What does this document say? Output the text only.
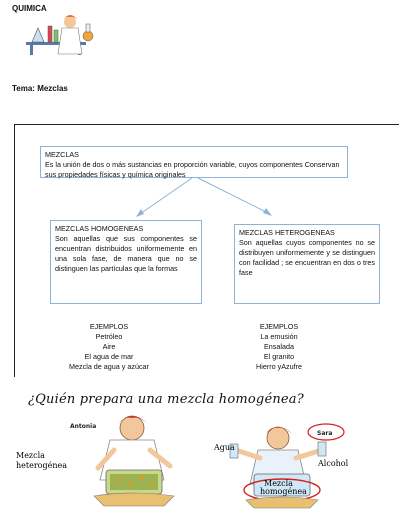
QUIMICA
Tema: Mezclas
MEZCLAS
Es la unión de dos o más sustancias en proporción variable, cuyos componentes Conservan sus propiedades físicas y química originales
MEZCLAS HOMOGENEAS
Son aquellas que sus componentes se encuentran distribuidos uniformemente en una sola fase, de manera que no se distinguen las partículas que la formas
MEZCLAS HETEROGENEAS
Son aquellas cuyos componentes no se distribuyen uniformemente y se distinguen con facilidad ; se encuentran en dos o tres fase
EJEMPLOS
Petróleo
Aire
El agua de mar
Mezcla de agua y azúcar
EJEMPLOS
La emusión
Ensalada
El granito
Hierro yAzufre
¿Quién prepara una mezcla homogénea?
Antonia
Mezcla
heterogénea
Sara
Agua
Alcohol
Mezcla
homogénea
